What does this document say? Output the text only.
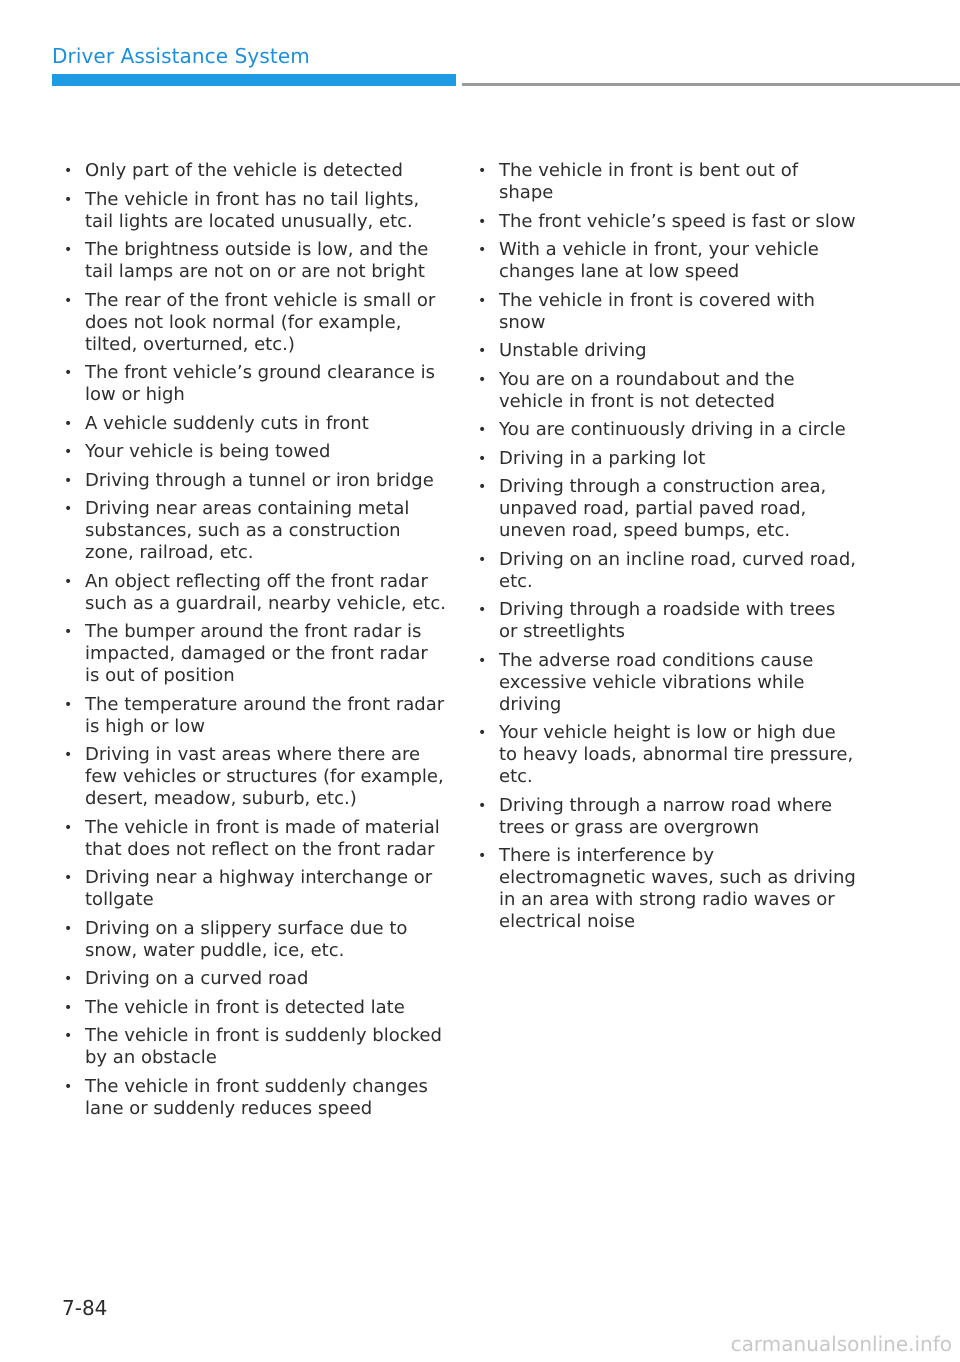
Driver Assistance System
• Only part of the vehicle is detected
• The vehicle in front has no tail lights, tail lights are located unusually, etc.
• The brightness outside is low, and the tail lamps are not on or are not bright
• The rear of the front vehicle is small or does not look normal (for example, tilted, overturned, etc.)
• The front vehicle’s ground clearance is low or high
• A vehicle suddenly cuts in front
• Your vehicle is being towed
• Driving through a tunnel or iron bridge
• Driving near areas containing metal substances, such as a construction zone, railroad, etc.
• An object reflecting off the front radar such as a guardrail, nearby vehicle, etc.
• The bumper around the front radar is impacted, damaged or the front radar is out of position
• The temperature around the front radar is high or low
• Driving in vast areas where there are few vehicles or structures (for example, desert, meadow, suburb, etc.)
• The vehicle in front is made of material that does not reflect on the front radar
• Driving near a highway interchange or tollgate
• Driving on a slippery surface due to snow, water puddle, ice, etc.
• Driving on a curved road
• The vehicle in front is detected late
• The vehicle in front is suddenly blocked by an obstacle
• The vehicle in front suddenly changes lane or suddenly reduces speed
• The vehicle in front is bent out of shape
• The front vehicle’s speed is fast or slow
• With a vehicle in front, your vehicle changes lane at low speed
• The vehicle in front is covered with snow
• Unstable driving
• You are on a roundabout and the vehicle in front is not detected
• You are continuously driving in a circle
• Driving in a parking lot
• Driving through a construction area, unpaved road, partial paved road, uneven road, speed bumps, etc.
• Driving on an incline road, curved road, etc.
• Driving through a roadside with trees or streetlights
• The adverse road conditions cause excessive vehicle vibrations while driving
• Your vehicle height is low or high due to heavy loads, abnormal tire pressure, etc.
• Driving through a narrow road where trees or grass are overgrown
• There is interference by electromagnetic waves, such as driving in an area with strong radio waves or electrical noise
7-84
carmanualsonline.info
